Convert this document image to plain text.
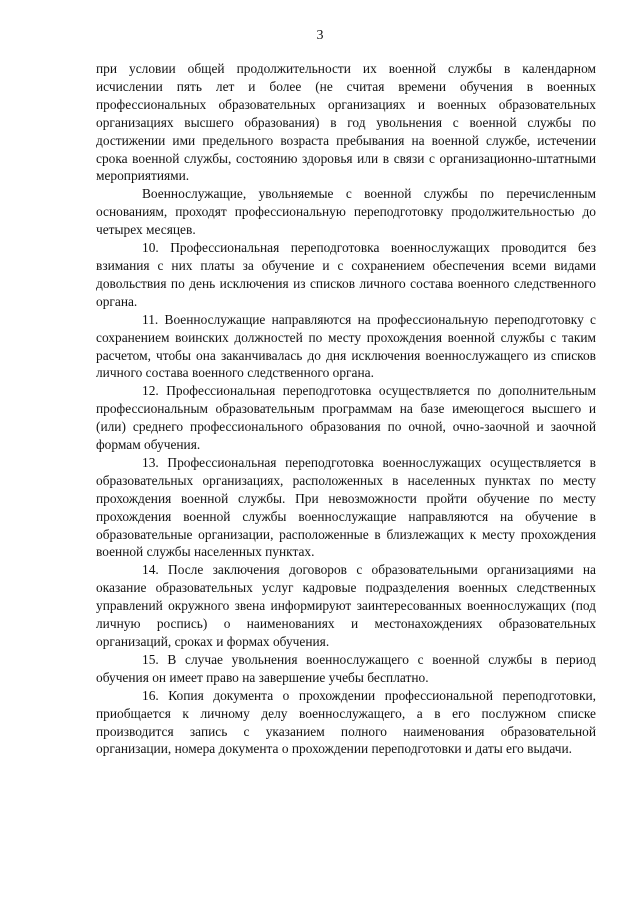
3

при условии общей продолжительности их военной службы в календарном исчислении пять лет и более (не считая времени обучения в военных профессиональных образовательных организациях и военных образовательных организациях высшего образования) в год увольнения с военной службы по достижении ими предельного возраста пребывания на военной службе, истечении срока военной службы, состоянию здоровья или в связи с организационно-штатными мероприятиями.

Военнослужащие, увольняемые с военной службы по перечисленным основаниям, проходят профессиональную переподготовку продолжительностью до четырех месяцев.

10. Профессиональная переподготовка военнослужащих проводится без взимания с них платы за обучение и с сохранением обеспечения всеми видами довольствия по день исключения из списков личного состава военного следственного органа.

11. Военнослужащие направляются на профессиональную переподготовку с сохранением воинских должностей по месту прохождения военной службы с таким расчетом, чтобы она заканчивалась до дня исключения военнослужащего из списков личного состава военного следственного органа.

12. Профессиональная переподготовка осуществляется по дополнительным профессиональным образовательным программам на базе имеющегося высшего и (или) среднего профессионального образования по очной, очно-заочной и заочной формам обучения.

13. Профессиональная переподготовка военнослужащих осуществляется в образовательных организациях, расположенных в населенных пунктах по месту прохождения военной службы. При невозможности пройти обучение по месту прохождения военной службы военнослужащие направляются на обучение в образовательные организации, расположенные в близлежащих к месту прохождения военной службы населенных пунктах.

14. После заключения договоров с образовательными организациями на оказание образовательных услуг кадровые подразделения военных следственных управлений окружного звена информируют заинтересованных военнослужащих (под личную роспись) о наименованиях и местонахождениях образовательных организаций, сроках и формах обучения.

15. В случае увольнения военнослужащего с военной службы в период обучения он имеет право на завершение учебы бесплатно.

16. Копия документа о прохождении профессиональной переподготовки, приобщается к личному делу военнослужащего, а в его послужном списке производится запись с указанием полного наименования образовательной организации, номера документа о прохождении переподготовки и даты его выдачи.
